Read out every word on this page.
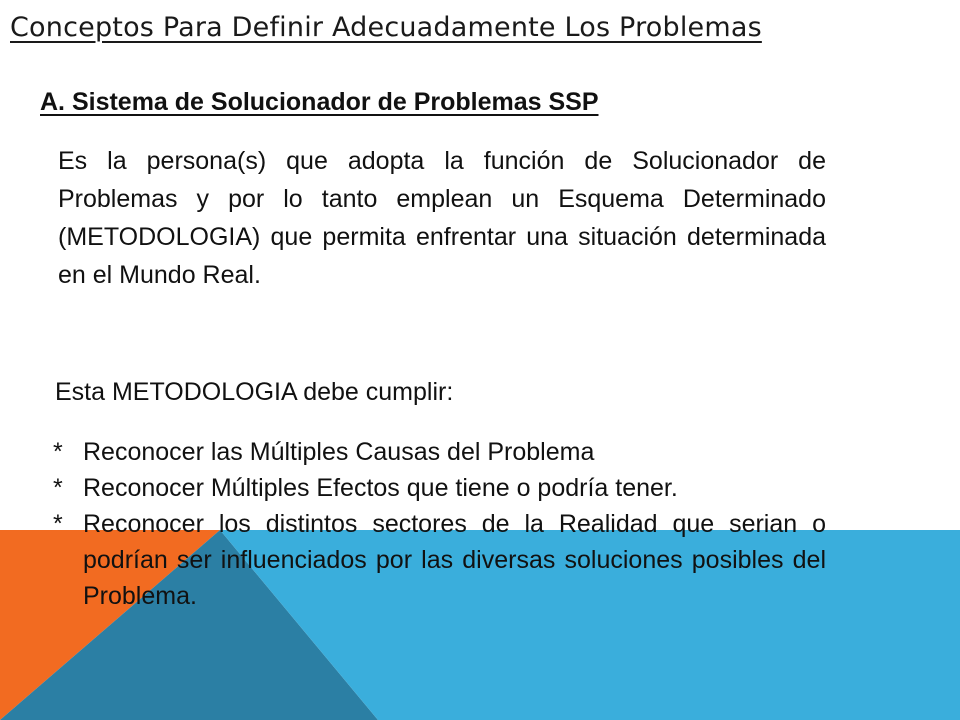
Conceptos Para Definir Adecuadamente Los Problemas
A. Sistema de Solucionador de Problemas SSP

Es la persona(s) que adopta la función de Solucionador de Problemas y por lo tanto emplean un Esquema Determinado (METODOLOGIA) que permita enfrentar una situación determinada en el Mundo Real.

Esta METODOLOGIA debe cumplir:
* Reconocer las Múltiples Causas del Problema
* Reconocer Múltiples Efectos que tiene o podría tener.
* Reconocer los distintos sectores de la Realidad que serian o podrían ser influenciados por las diversas soluciones posibles del Problema.
